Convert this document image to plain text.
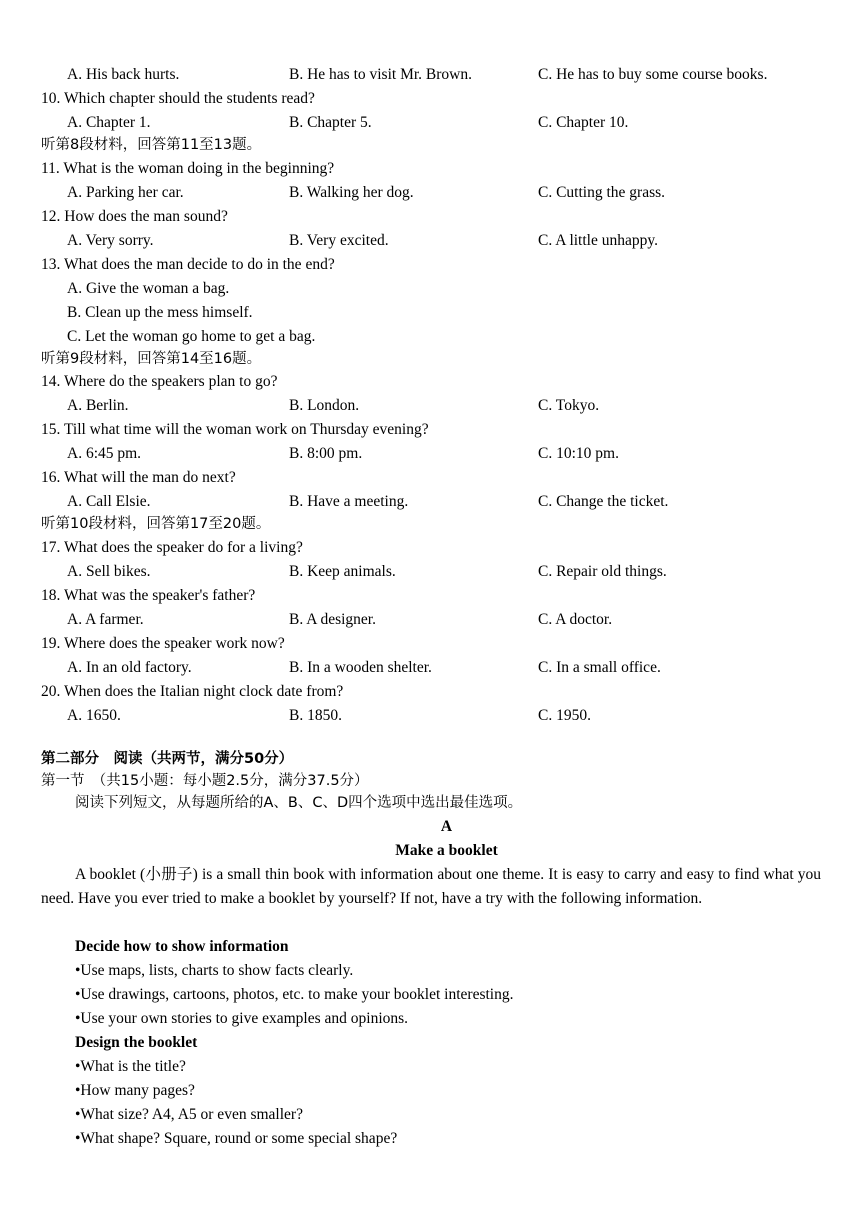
A. His back hurts.	B. He has to visit Mr. Brown.	C. He has to buy some course books.
10. Which chapter should the students read?
A. Chapter 1.	B. Chapter 5.	C. Chapter 10.
听第8段材料，回答第11至13题。
11. What is the woman doing in the beginning?
A. Parking her car.	B. Walking her dog.	C. Cutting the grass.
12. How does the man sound?
A. Very sorry.	B. Very excited.	C. A little unhappy.
13. What does the man decide to do in the end?
A. Give the woman a bag.
B. Clean up the mess himself.
C. Let the woman go home to get a bag.
听第9段材料，回答第14至16题。
14. Where do the speakers plan to go?
A. Berlin.	B. London.	C. Tokyo.
15. Till what time will the woman work on Thursday evening?
A. 6:45 pm.	B. 8:00 pm.	C. 10:10 pm.
16. What will the man do next?
A. Call Elsie.	B. Have a meeting.	C. Change the ticket.
听第10段材料，回答第17至20题。
17. What does the speaker do for a living?
A. Sell bikes.	B. Keep animals.	C. Repair old things.
18. What was the speaker's father?
A. A farmer.	B. A designer.	C. A doctor.
19. Where does the speaker work now?
A. In an old factory.	B. In a wooden shelter.	C. In a small office.
20. When does the Italian night clock date from?
A. 1650.	B. 1850.	C. 1950.
第二部分　阅读（共两节，满分50分）
第一节　（共15小题：每小题2.5分，满分37.5分）
阅读下列短文，从每题所给的A、B、C、D四个选项中选出最佳选项。
A
Make a booklet
A booklet (小册子) is a small thin book with information about one theme. It is easy to carry and easy to find what you need. Have you ever tried to make a booklet by yourself? If not, have a try with the following information.
Decide how to show information
•Use maps, lists, charts to show facts clearly.
•Use drawings, cartoons, photos, etc. to make your booklet interesting.
•Use your own stories to give examples and opinions.
Design the booklet
•What is the title?
•How many pages?
•What size? A4, A5 or even smaller?
•What shape? Square, round or some special shape?
